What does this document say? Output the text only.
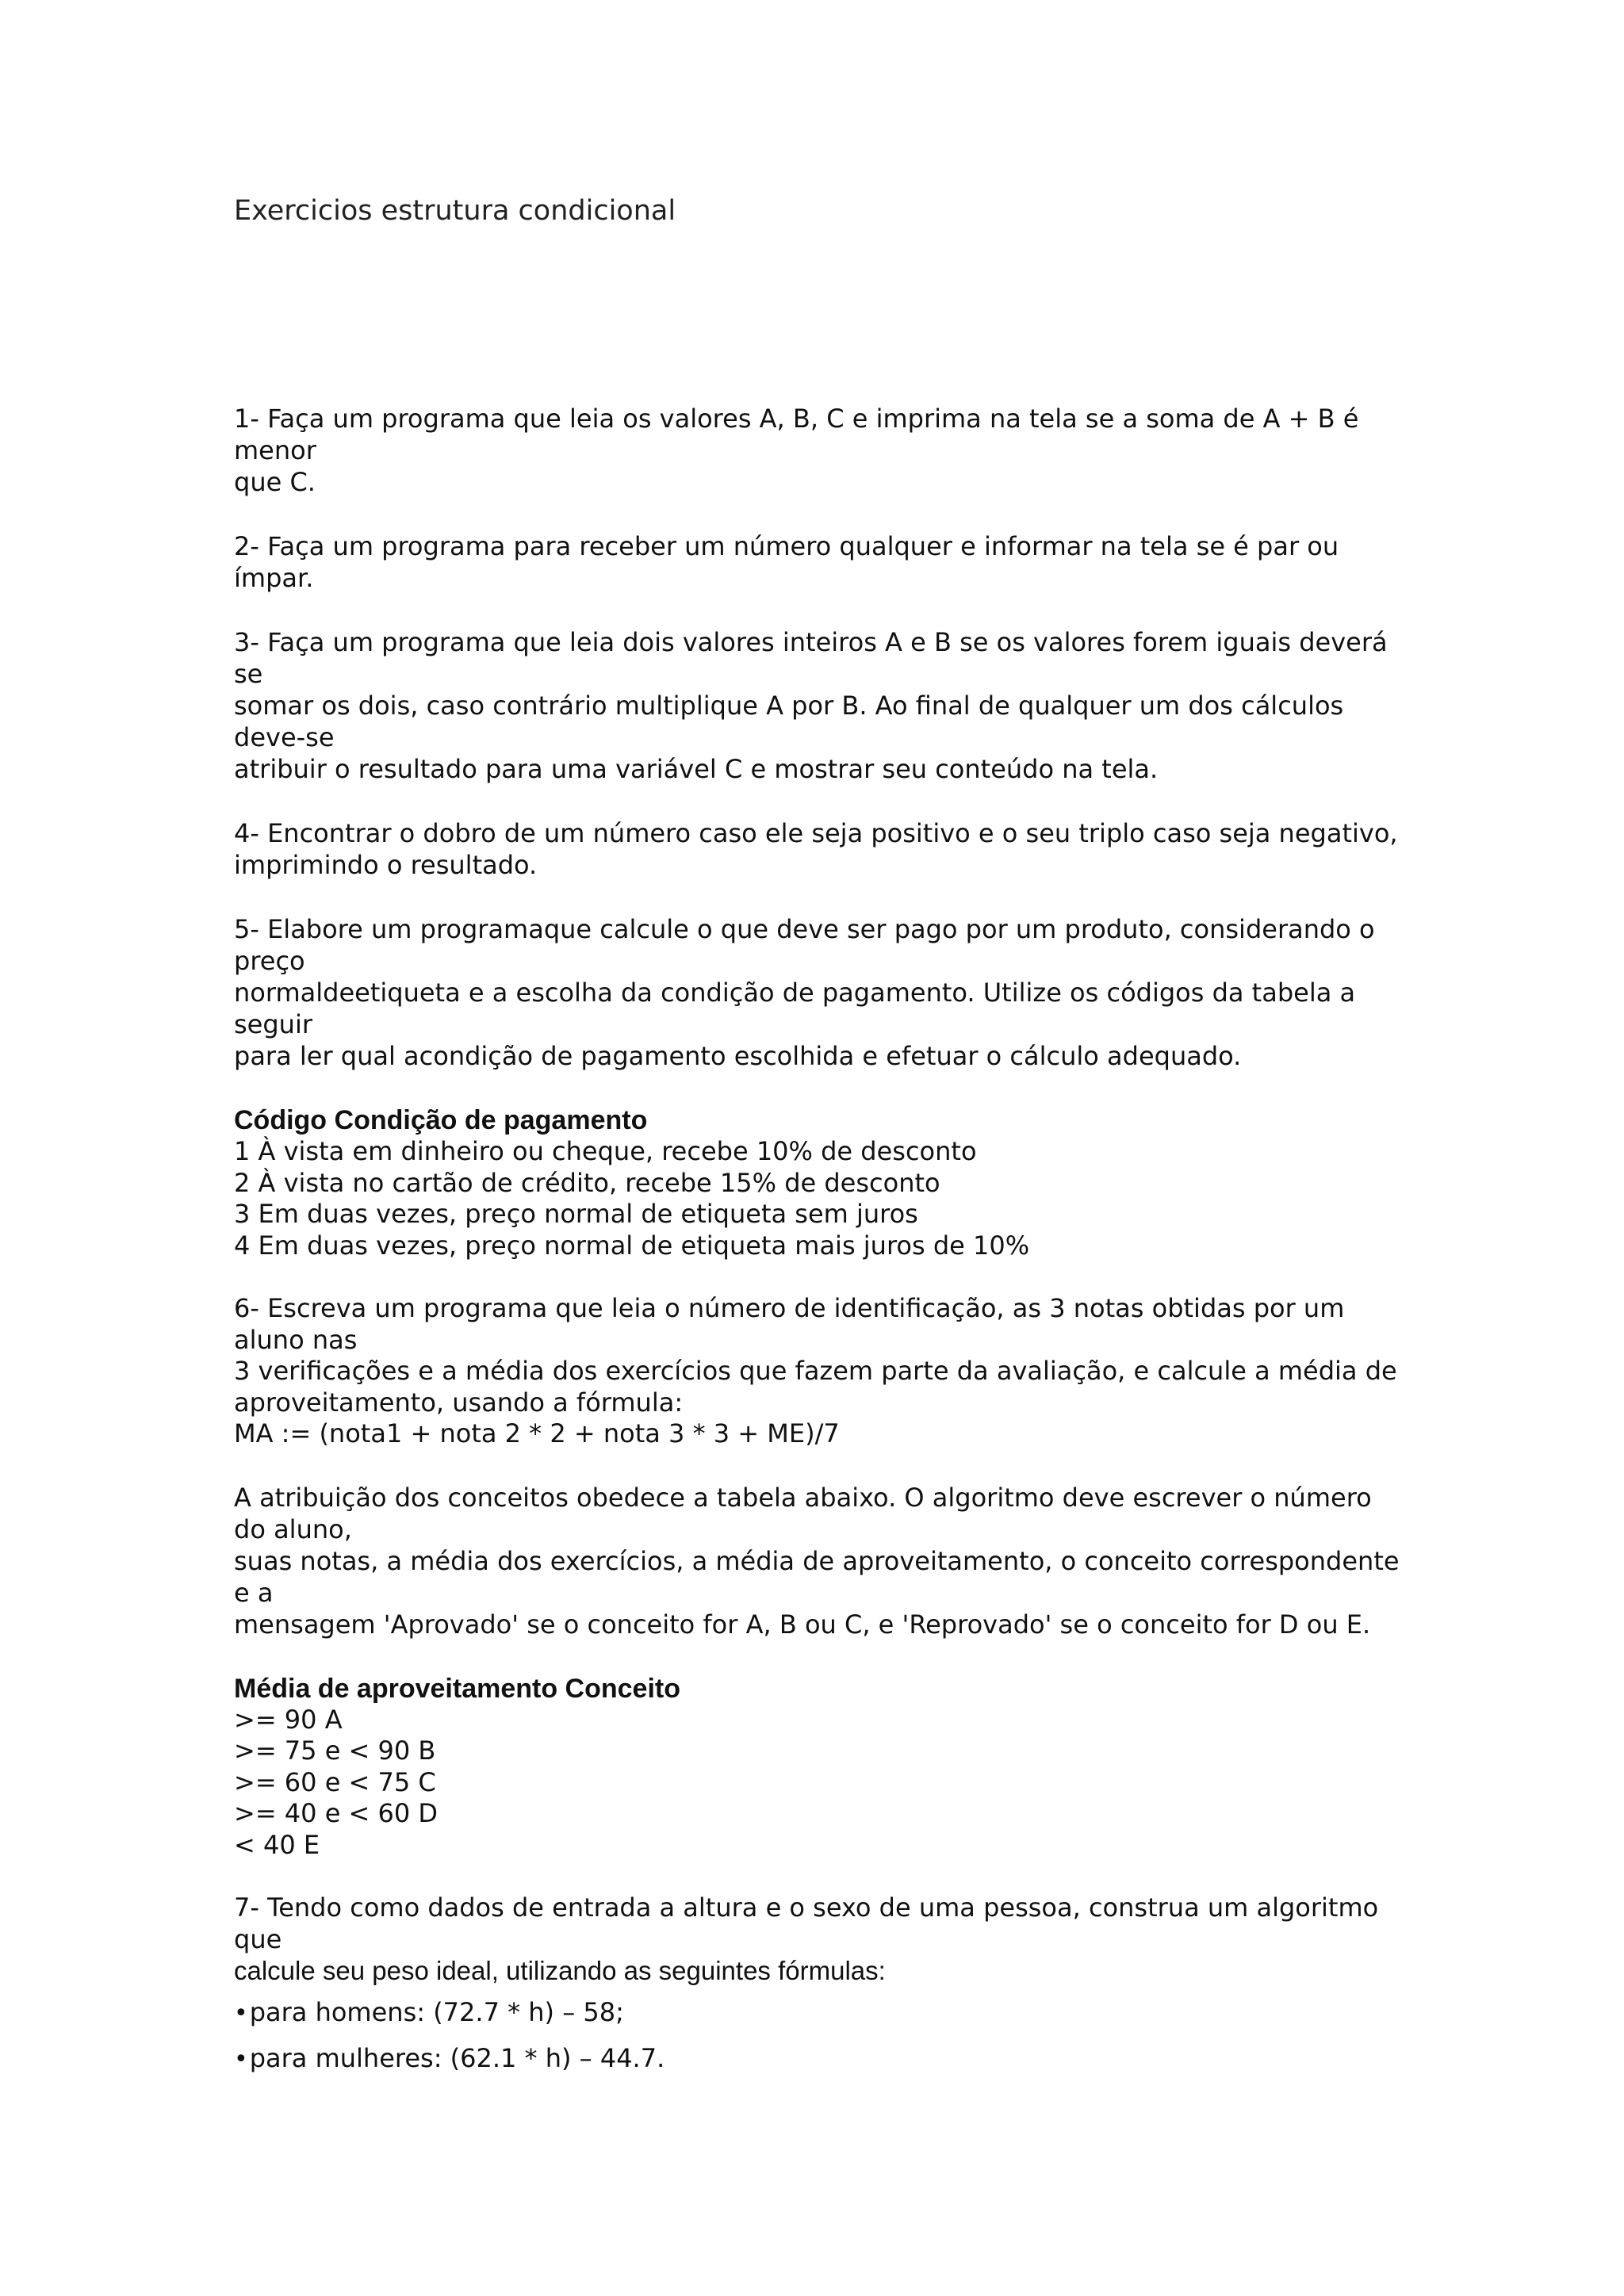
Exercicios estrutura condicional

1- Faça um programa que leia os valores A, B, C e imprima na tela se a soma de A + B é menor
que C.

2- Faça um programa para receber um número qualquer e informar na tela se é par ou ímpar.

3- Faça um programa que leia dois valores inteiros A e B se os valores forem iguais deverá se
somar os dois, caso contrário multiplique A por B. Ao final de qualquer um dos cálculos deve-se
atribuir o resultado para uma variável C e mostrar seu conteúdo na tela.

4- Encontrar o dobro de um número caso ele seja positivo e o seu triplo caso seja negativo,
imprimindo o resultado.

5- Elabore um programaque calcule o que deve ser pago por um produto, considerando o preço
normaldeetiqueta e a escolha da condição de pagamento. Utilize os códigos da tabela a seguir
para ler qual acondição de pagamento escolhida e efetuar o cálculo adequado.

Código Condição de pagamento

1 À vista em dinheiro ou cheque, recebe 10% de desconto

2 À vista no cartão de crédito, recebe 15% de desconto

3 Em duas vezes, preço normal de etiqueta sem juros

4 Em duas vezes, preço normal de etiqueta mais juros de 10%

6- Escreva um programa que leia o número de identificação, as 3 notas obtidas por um aluno nas

3 verificações e a média dos exercícios que fazem parte da avaliação, e calcule a média de

aproveitamento, usando a fórmula:

MA := (nota1 + nota 2 * 2 + nota 3 * 3 + ME)/7

A atribuição dos conceitos obedece a tabela abaixo. O algoritmo deve escrever o número do aluno,
suas notas, a média dos exercícios, a média de aproveitamento, o conceito correspondente e a
mensagem 'Aprovado' se o conceito for A, B ou C, e 'Reprovado' se o conceito for D ou E.

Média de aproveitamento Conceito

>= 90 A

>= 75 e < 90 B

>= 60 e < 75 C

>= 40 e < 60 D

< 40 E

7- Tendo como dados de entrada a altura e o sexo de uma pessoa, construa um algoritmo que

calcule seu peso ideal, utilizando as seguintes fórmulas:

•para homens: (72.7 * h) – 58;

•para mulheres: (62.1 * h) – 44.7.
